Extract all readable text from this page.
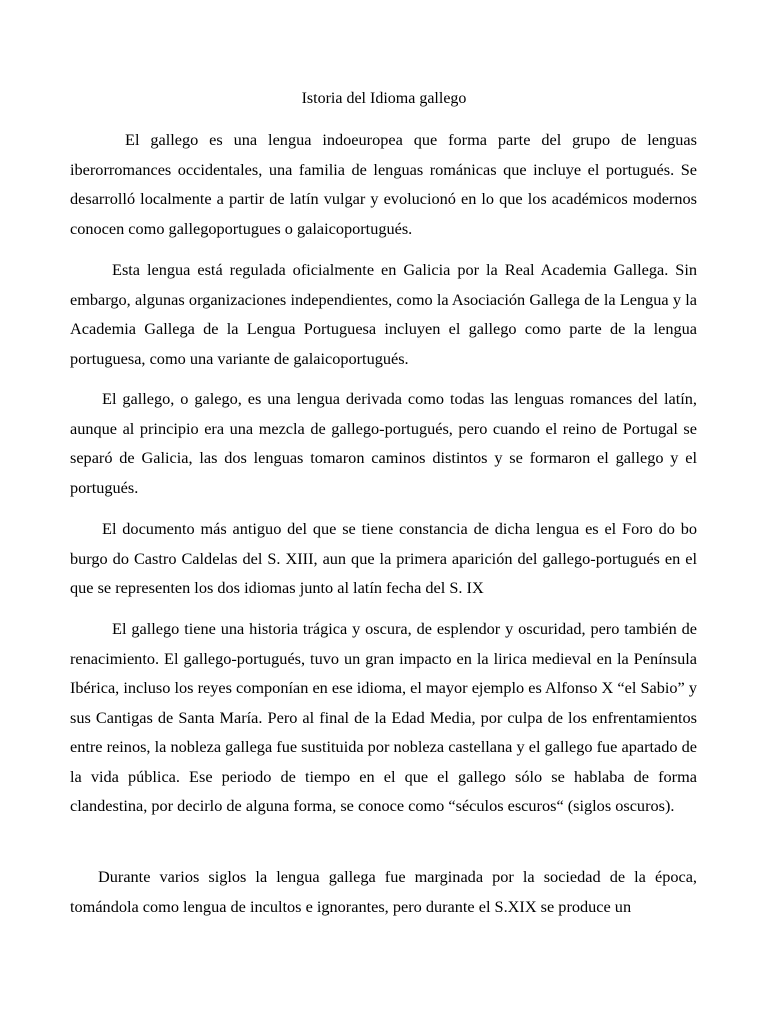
Istoria del Idioma gallego

El gallego es una lengua indoeuropea que forma parte del grupo de lenguas iberorromances occidentales, una familia de lenguas románicas que incluye el portugués. Se desarrolló localmente a partir de latín vulgar y evolucionó en lo que los académicos modernos conocen como gallegoportugues o galaicoportugués.

Esta lengua está regulada oficialmente en Galicia por la Real Academia Gallega. Sin embargo, algunas organizaciones independientes, como la Asociación Gallega de la Lengua y la Academia Gallega de la Lengua Portuguesa incluyen el gallego como parte de la lengua portuguesa, como una variante de galaicoportugués.

El gallego, o galego, es una lengua derivada como todas las lenguas romances del latín, aunque al principio era una mezcla de gallego-portugués, pero cuando el reino de Portugal se separó de Galicia, las dos lenguas tomaron caminos distintos y se formaron el gallego y el portugués.

El documento más antiguo del que se tiene constancia de dicha lengua es el Foro do bo burgo do Castro Caldelas del S. XIII, aun que la primera aparición del gallego-portugués en el que se representen los dos idiomas junto al latín fecha del S. IX

El gallego tiene una historia trágica y oscura, de esplendor y oscuridad, pero también de renacimiento. El gallego-portugués, tuvo un gran impacto en la lirica medieval en la Península Ibérica, incluso los reyes componían en ese idioma, el mayor ejemplo es Alfonso X “el Sabio” y sus Cantigas de Santa María. Pero al final de la Edad Media, por culpa de los enfrentamientos entre reinos, la nobleza gallega fue sustituida por nobleza castellana y el gallego fue apartado de la vida pública. Ese periodo de tiempo en el que el gallego sólo se hablaba de forma clandestina, por decirlo de alguna forma, se conoce como “séculos escuros“ (siglos oscuros).

Durante varios siglos la lengua gallega fue marginada por la sociedad de la época, tomándola como lengua de incultos e ignorantes, pero durante el S.XIX se produce un
